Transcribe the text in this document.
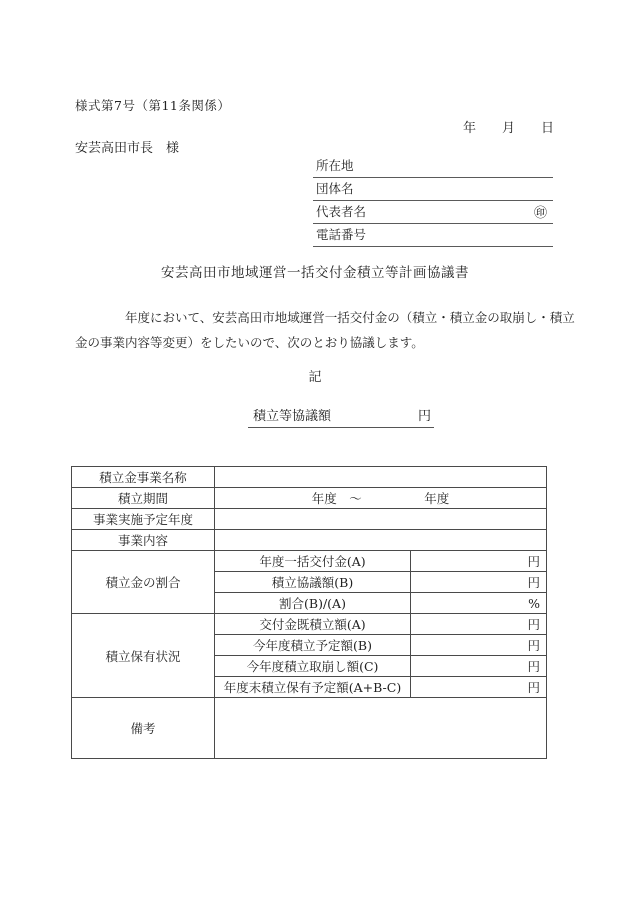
様式第7号（第11条関係）
年　　月　　日
安芸高田市長　様
所在地
団体名
代表者名	㊞
電話番号
安芸高田市地域運営一括交付金積立等計画協議書
　　　　年度において、安芸高田市地域運営一括交付金の（積立・積立金の取崩し・積立
金の事業内容等変更）をしたいので、次のとおり協議します。
記
積立等協議額	円
積立金事業名称		
積立期間	年度　～　　　　　年度	
事業実施予定年度		
事業内容		
積立金の割合	年度一括交付金(A)	円
	積立協議額(B)	円
	割合(B)/(A)	%
積立保有状況	交付金既積立額(A)	円
	今年度積立予定額(B)	円
	今年度積立取崩し額(C)	円
	年度末積立保有予定額(A+B-C)	円
備考		
